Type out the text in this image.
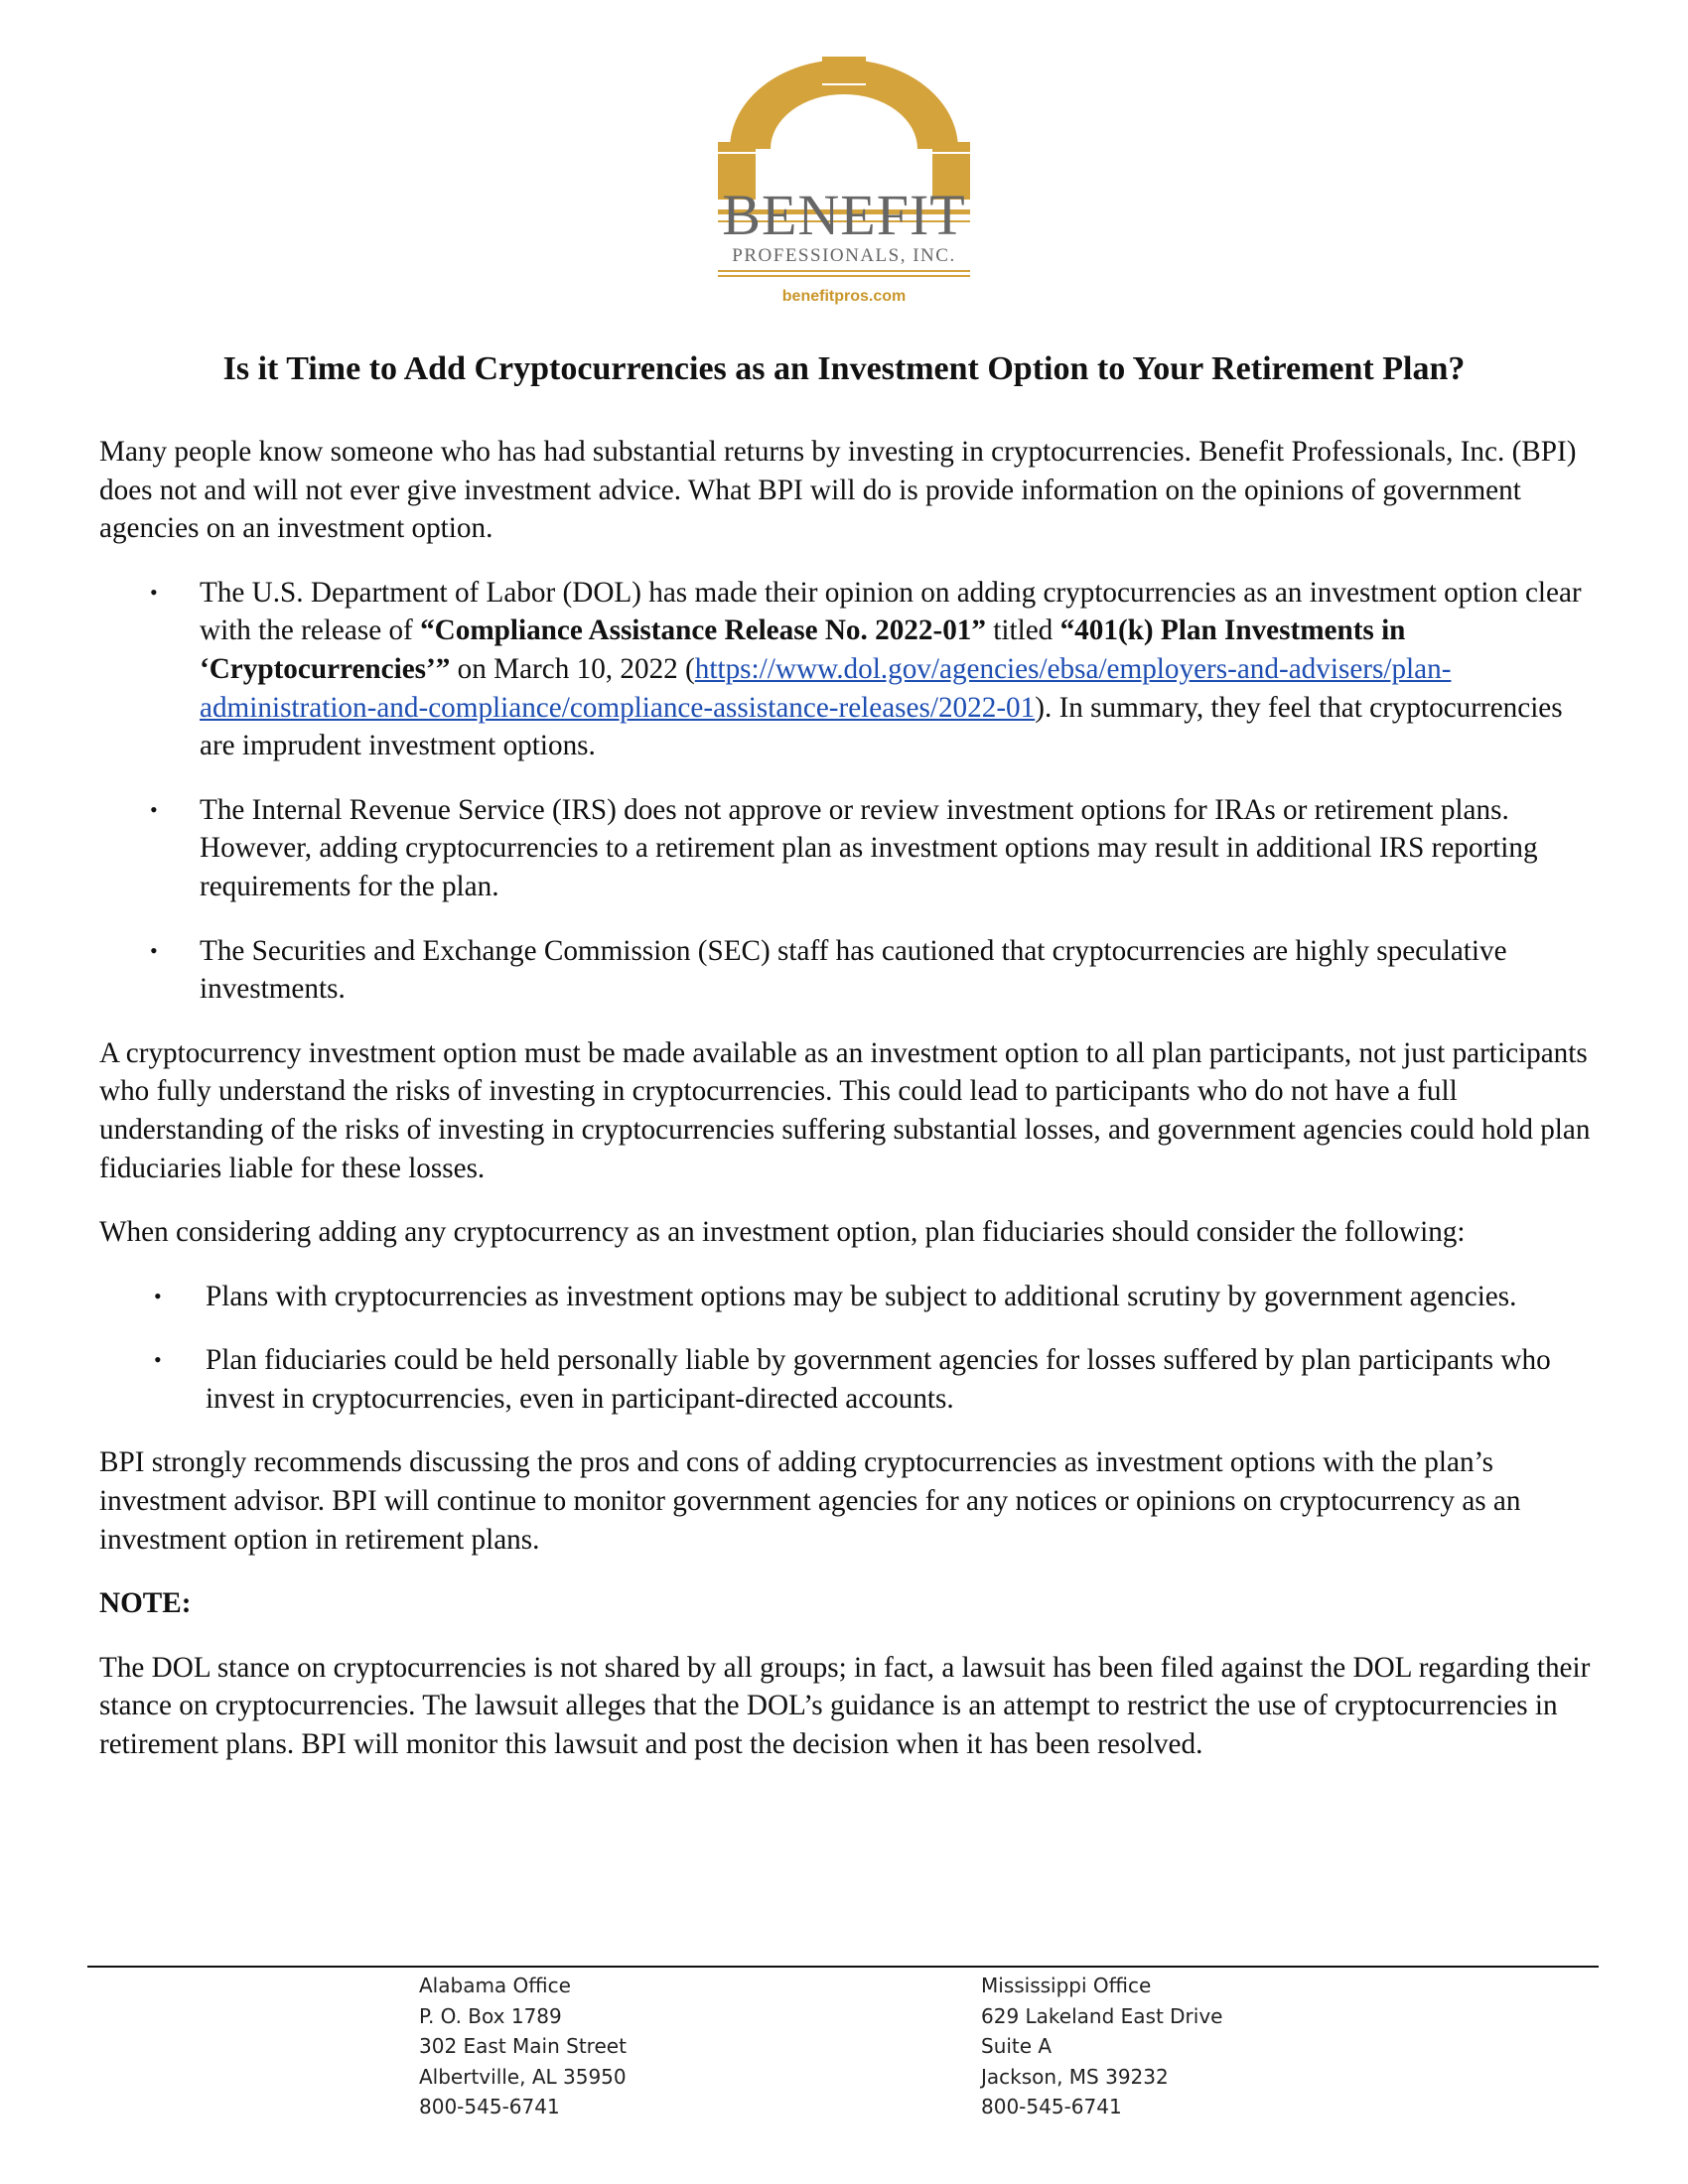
BENEFIT
PROFESSIONALS, INC.
benefitpros.com
Is it Time to Add Cryptocurrencies as an Investment Option to Your Retirement Plan?

Many people know someone who has had substantial returns by investing in cryptocurrencies. Benefit Professionals, Inc. (BPI) does not and will not ever give investment advice. What BPI will do is provide information on the opinions of government agencies on an investment option.

• The U.S. Department of Labor (DOL) has made their opinion on adding cryptocurrencies as an investment option clear with the release of “Compliance Assistance Release No. 2022-01” titled “401(k) Plan Investments in ‘Cryptocurrencies’” on March 10, 2022 (https://www.dol.gov/agencies/ebsa/employers-and-advisers/plan-administration-and-compliance/compliance-assistance-releases/2022-01). In summary, they feel that cryptocurrencies are imprudent investment options.
• The Internal Revenue Service (IRS) does not approve or review investment options for IRAs or retirement plans. However, adding cryptocurrencies to a retirement plan as investment options may result in additional IRS reporting requirements for the plan.
• The Securities and Exchange Commission (SEC) staff has cautioned that cryptocurrencies are highly speculative investments.

A cryptocurrency investment option must be made available as an investment option to all plan participants, not just participants who fully understand the risks of investing in cryptocurrencies. This could lead to participants who do not have a full understanding of the risks of investing in cryptocurrencies suffering substantial losses, and government agencies could hold plan fiduciaries liable for these losses.

When considering adding any cryptocurrency as an investment option, plan fiduciaries should consider the following:

• Plans with cryptocurrencies as investment options may be subject to additional scrutiny by government agencies.
• Plan fiduciaries could be held personally liable by government agencies for losses suffered by plan participants who invest in cryptocurrencies, even in participant-directed accounts.

BPI strongly recommends discussing the pros and cons of adding cryptocurrencies as investment options with the plan’s investment advisor. BPI will continue to monitor government agencies for any notices or opinions on cryptocurrency as an investment option in retirement plans.

NOTE:

The DOL stance on cryptocurrencies is not shared by all groups; in fact, a lawsuit has been filed against the DOL regarding their stance on cryptocurrencies. The lawsuit alleges that the DOL’s guidance is an attempt to restrict the use of cryptocurrencies in retirement plans. BPI will monitor this lawsuit and post the decision when it has been resolved.

Alabama Office
P. O. Box 1789
302 East Main Street
Albertville, AL 35950
800-545-6741
Mississippi Office
629 Lakeland East Drive
Suite A
Jackson, MS 39232
800-545-6741
